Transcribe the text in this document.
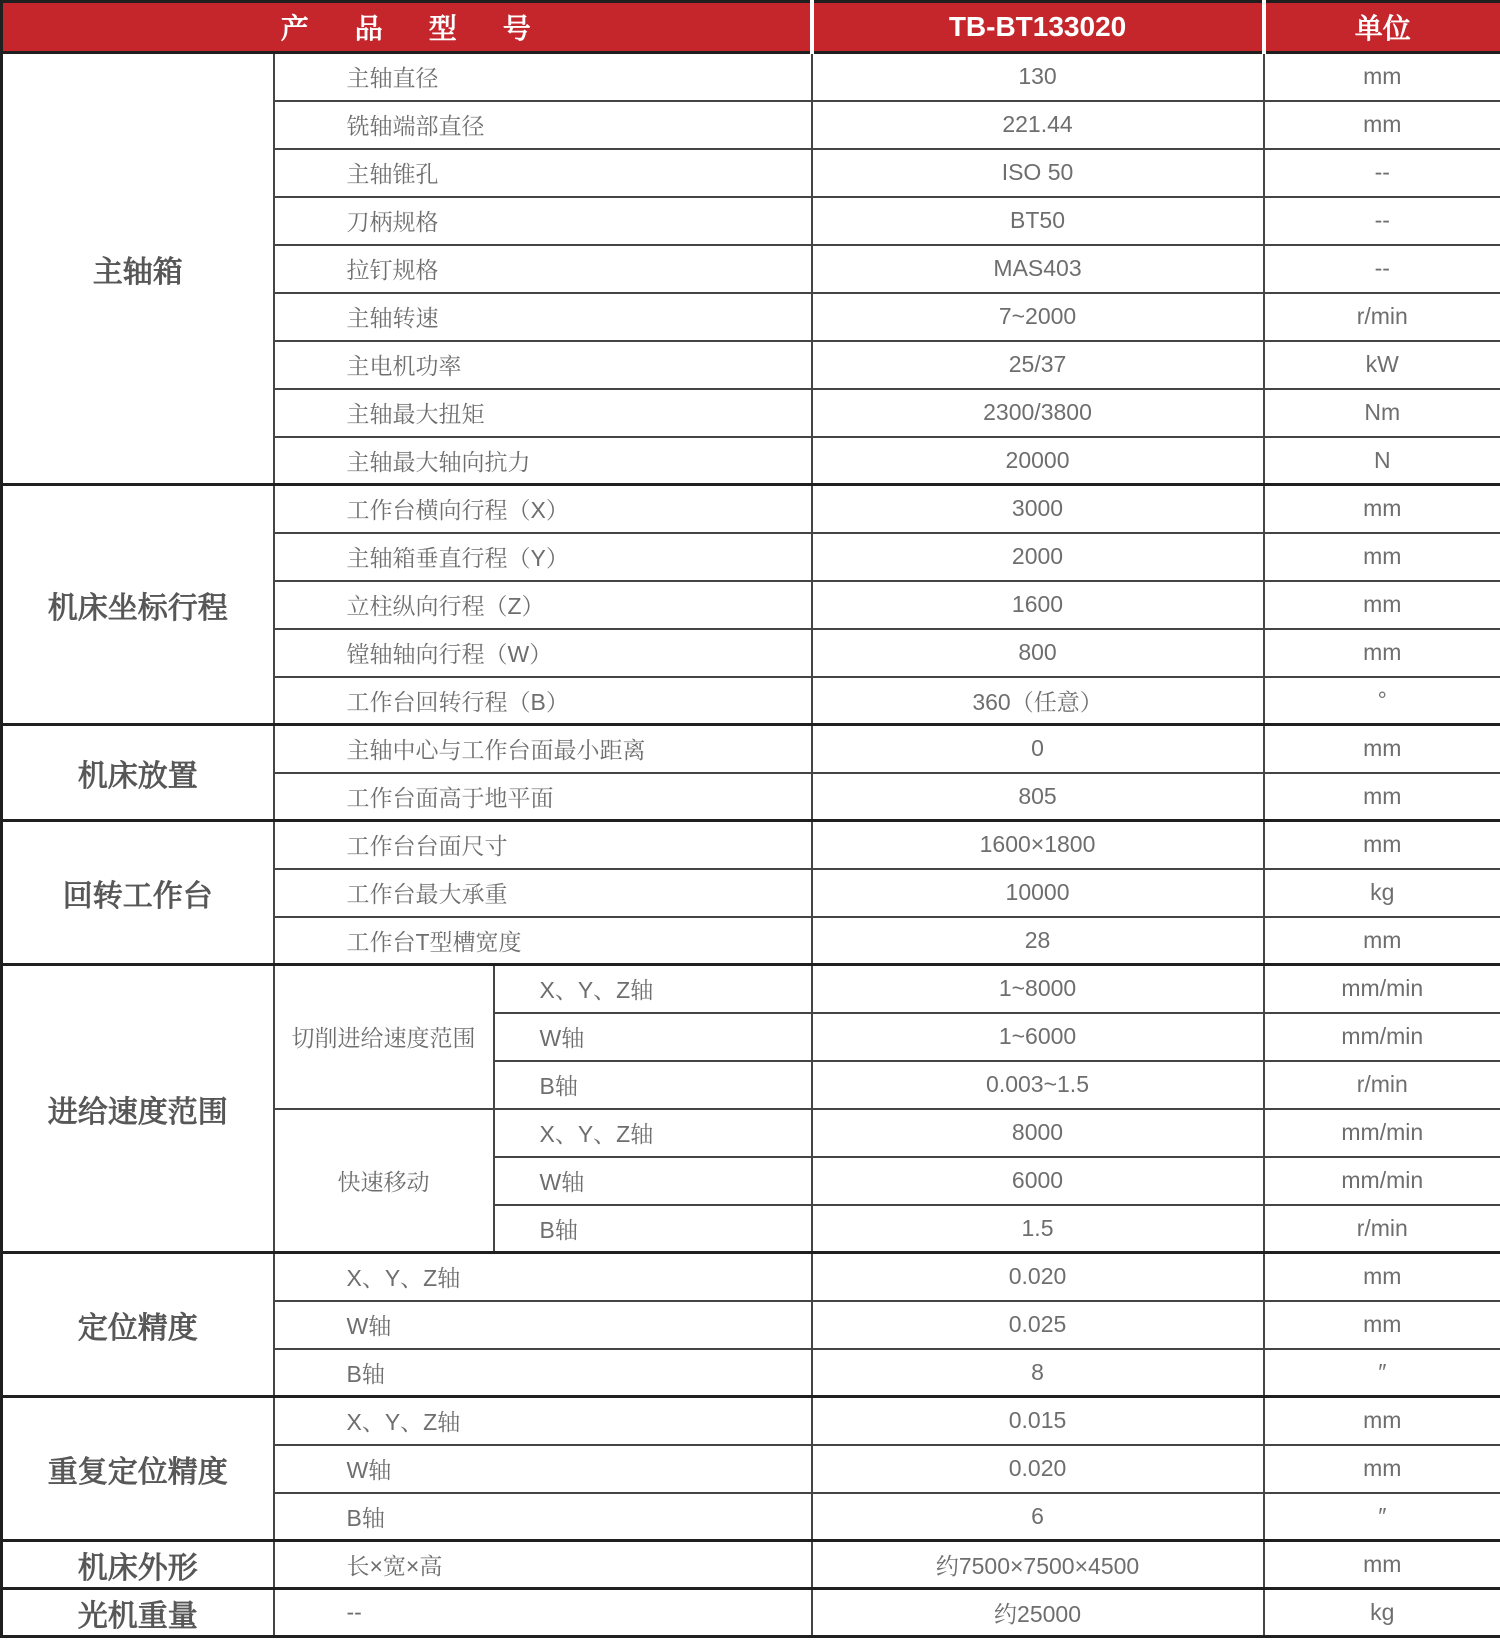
产品型号			TB-BT133020	单位
主轴箱	主轴直径		130	mm
	铣轴端部直径		221.44	mm
	主轴锥孔		ISO 50	--
	刀柄规格		BT50	--
	拉钉规格		MAS403	--
	主轴转速		7~2000	r/min
	主电机功率		25/37	kW
	主轴最大扭矩		2300/3800	Nm
	主轴最大轴向抗力		20000	N
机床坐标行程	工作台横向行程（X）		3000	mm
	主轴箱垂直行程（Y）		2000	mm
	立柱纵向行程（Z）		1600	mm
	镗轴轴向行程（W）		800	mm
	工作台回转行程（B）		360（任意）	°
机床放置	主轴中心与工作台面最小距离		0	mm
	工作台面高于地平面		805	mm
回转工作台	工作台台面尺寸		1600×1800	mm
	工作台最大承重		10000	kg
	工作台T型槽宽度		28	mm
进给速度范围	切削进给速度范围	X、Y、Z轴	1~8000	mm/min
		W轴	1~6000	mm/min
		B轴	0.003~1.5	r/min
	快速移动	X、Y、Z轴	8000	mm/min
		W轴	6000	mm/min
		B轴	1.5	r/min
定位精度	X、Y、Z轴		0.020	mm
	W轴		0.025	mm
	B轴		8	″
重复定位精度	X、Y、Z轴		0.015	mm
	W轴		0.020	mm
	B轴		6	″
机床外形	长×宽×高		约7500×7500×4500	mm
光机重量	--		约25000	kg
